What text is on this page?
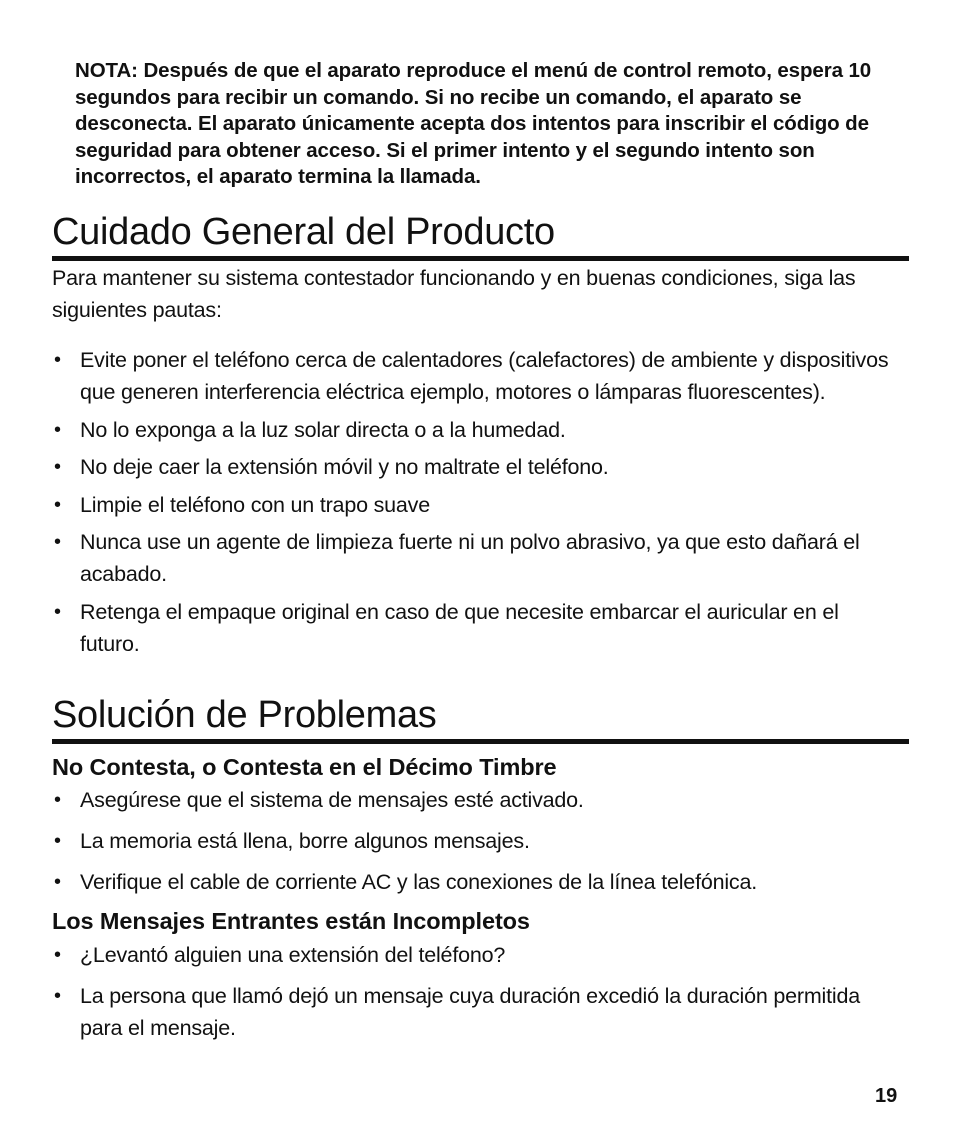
NOTA: Después de que el aparato reproduce el menú de control remoto, espera 10 segundos para recibir un comando. Si no recibe un comando, el aparato se desconecta. El aparato únicamente acepta dos intentos para inscribir el código de seguridad para obtener acceso. Si el primer intento y el segundo intento son incorrectos, el aparato termina la llamada.
Cuidado General del Producto
Para mantener su sistema contestador funcionando y en buenas condiciones, siga las siguientes pautas:
• Evite poner el teléfono cerca de calentadores (calefactores) de ambiente y dispositivos que generen interferencia eléctrica ejemplo, motores o lámparas fluorescentes).
• No lo exponga a la luz solar directa o a la humedad.
• No deje caer la extensión móvil y no maltrate el teléfono.
• Limpie el teléfono con un trapo suave
• Nunca use un agente de limpieza fuerte ni un polvo abrasivo, ya que esto dañará el acabado.
• Retenga el empaque original en caso de que necesite embarcar el auricular en el futuro.
Solución de Problemas
No Contesta, o Contesta en el Décimo Timbre
• Asegúrese que el sistema de mensajes esté activado.
• La memoria está llena, borre algunos mensajes.
• Verifique el cable de corriente AC y las conexiones de la línea telefónica.
Los Mensajes Entrantes están Incompletos
• ¿Levantó alguien una extensión del teléfono?
• La persona que llamó dejó un mensaje cuya duración excedió la duración permitida para el mensaje.
19
